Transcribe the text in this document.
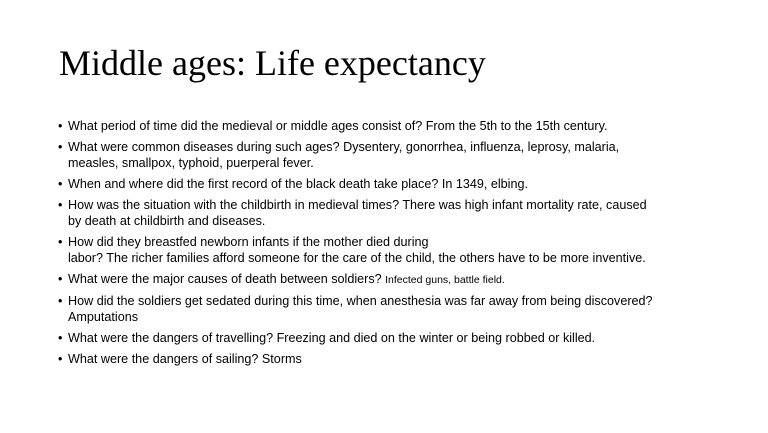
Middle ages: Life expectancy
• What period of time did the medieval or middle ages consist of? From the 5th to the 15th century.
• What were common diseases during such ages? Dysentery, gonorrhea, influenza, leprosy, malaria,
measles, smallpox, typhoid, puerperal fever.
• When and where did the first record of the black death take place? In 1349, elbing.
• How was the situation with the childbirth in medieval times? There was high infant mortality rate, caused
by death at childbirth and diseases.
• How did they breastfed newborn infants if the mother died during
labor? The richer families afford someone for the care of the child, the others have to be more inventive.
• What were the major causes of death between soldiers? Infected guns, battle field.
• How did the soldiers get sedated during this time, when anesthesia was far away from being discovered?
Amputations
• What were the dangers of travelling? Freezing and died on the winter or being robbed or killed.
• What were the dangers of sailing? Storms
